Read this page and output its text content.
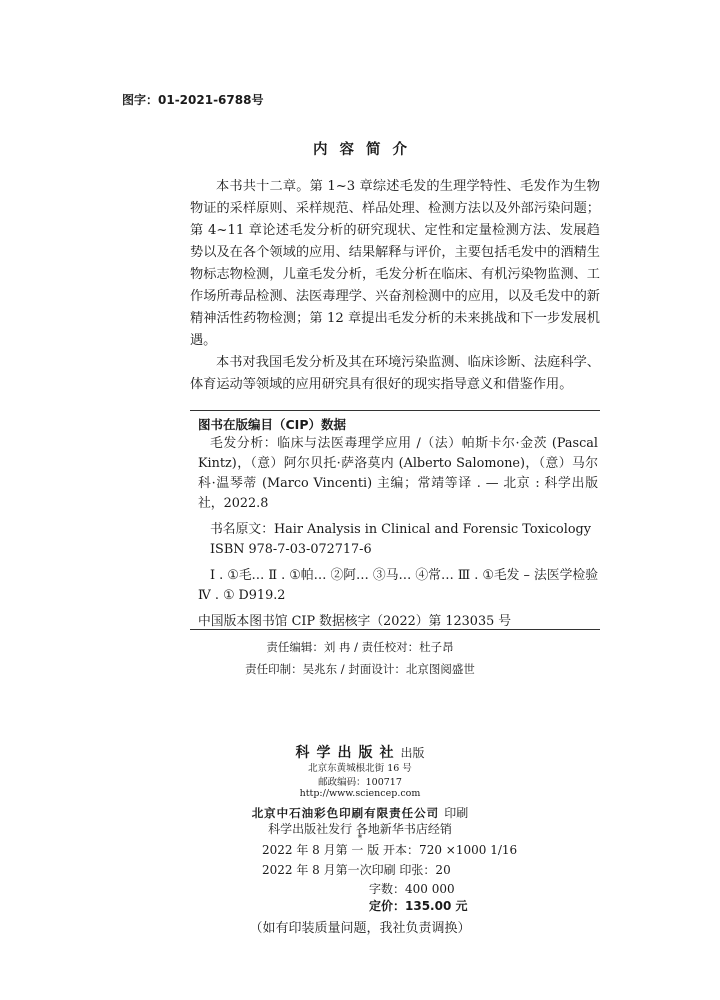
图字：01-2021-6788号
内容简介

本书共十二章。第 1~3 章综述毛发的生理学特性、毛发作为生物物证的采样原则、采样规范、样品处理、检测方法以及外部污染问题；第 4~11 章论述毛发分析的研究现状、定性和定量检测方法、发展趋势以及在各个领域的应用、结果解释与评价，主要包括毛发中的酒精生物标志物检测，儿童毛发分析，毛发分析在临床、有机污染物监测、工作场所毒品检测、法医毒理学、兴奋剂检测中的应用，以及毛发中的新精神活性药物检测；第 12 章提出毛发分析的未来挑战和下一步发展机遇。

本书对我国毛发分析及其在环境污染监测、临床诊断、法庭科学、体育运动等领域的应用研究具有很好的现实指导意义和借鉴作用。

图书在版编目（CIP）数据

毛发分析：临床与法医毒理学应用 /（法）帕斯卡尔·金茨 (Pascal Kintz)，（意）阿尔贝托·萨洛莫内 (Alberto Salomone)，（意）马尔科·温琴蒂 (Marco Vincenti) 主编；常靖等译 . — 北京 : 科学出版社，2022.8

书名原文：Hair Analysis in Clinical and Forensic Toxicology

ISBN 978-7-03-072717-6

Ⅰ . ①毛… Ⅱ . ①帕… ②阿… ③马… ④常… Ⅲ . ①毛发 – 法医学检验 Ⅳ . ① D919.2

中国版本图书馆 CIP 数据核字（2022）第 123035 号

责任编辑：刘 冉 / 责任校对：杜子昂
责任印制：吴兆东 / 封面设计：北京图阅盛世
科学出版社出版
北京东黄城根北街 16 号
邮政编码：100717
http://www.sciencep.com
北京中石油彩色印刷有限责任公司 印刷
科学出版社发行 各地新华书店经销
*
2022 年 8 月第 一 版 开本：720 ×1000 1/16
2022 年 8 月第一次印刷 印张：20
字数：400 000
定价：135.00 元
（如有印装质量问题，我社负责调换）
